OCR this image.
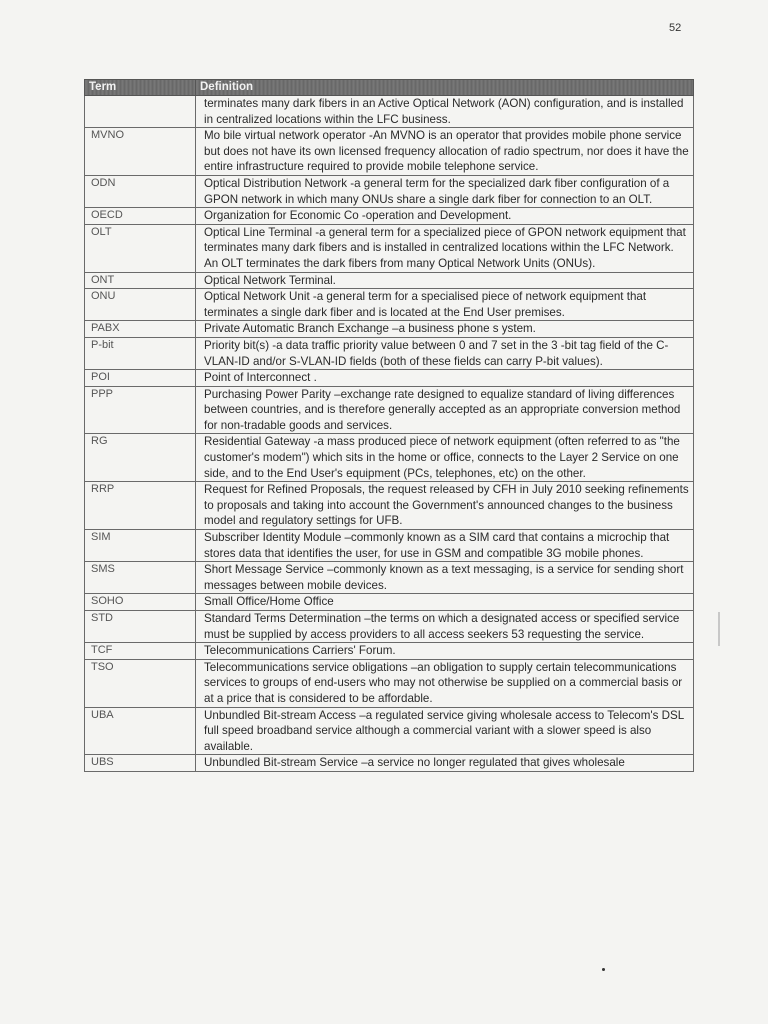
52
Term	Definition
	terminates many dark fibers in an Active Optical Network (AON) configuration, and is installed in centralized locations within the LFC business.
MVNO	Mo bile virtual network operator -An MVNO is an operator that provides mobile phone service but does not have its own licensed frequency allocation of radio spectrum, nor does it have the entire infrastructure required to provide mobile telephone service.
ODN	Optical Distribution Network -a general term for the specialized dark fiber configuration of a GPON network in which many ONUs share a single dark fiber for connection to an OLT.
OECD	Organization for Economic Co -operation and Development.
OLT	Optical Line Terminal -a general term for a specialized piece of GPON network equipment that terminates many dark fibers and is installed in centralized locations within the LFC Network. An OLT terminates the dark fibers from many Optical Network Units (ONUs).
ONT	Optical Network Terminal.
ONU	Optical Network Unit -a general term for a specialised piece of network equipment that terminates a single dark fiber and is located at the End User premises.
PABX	Private Automatic Branch Exchange –a business phone s ystem.
P-bit	Priority bit(s) -a data traffic priority value between 0 and 7 set in the 3 -bit tag field of the C-VLAN-ID and/or S-VLAN-ID fields (both of these fields can carry P-bit values).
POI	Point of Interconnect .
PPP	Purchasing Power Parity –exchange rate designed to equalize standard of living differences between countries, and is therefore generally accepted as an appropriate conversion method for non-tradable goods and services.
RG	Residential Gateway -a mass produced piece of network equipment (often referred to as "the customer's modem") which sits in the home or office, connects to the Layer 2 Service on one side, and to the End User's equipment (PCs, telephones, etc) on the other.
RRP	Request for Refined Proposals, the request released by CFH in July 2010 seeking refinements to proposals and taking into account the Government's announced changes to the business model and regulatory settings for UFB.
SIM	Subscriber Identity Module –commonly known as a SIM card that contains a microchip that stores data that identifies the user, for use in GSM and compatible 3G mobile phones.
SMS	Short Message Service –commonly known as a text messaging, is a service for sending short messages between mobile devices.
SOHO	Small Office/Home Office
STD	Standard Terms Determination –the terms on which a designated access or specified service must be supplied by access providers to all access seekers 53 requesting the service.
TCF	Telecommunications Carriers' Forum.
TSO	Telecommunications service obligations –an obligation to supply certain telecommunications services to groups of end-users who may not otherwise be supplied on a commercial basis or at a price that is considered to be affordable.
UBA	Unbundled Bit-stream Access –a regulated service giving wholesale access to Telecom's DSL full speed broadband service although a commercial variant with a slower speed is also available.
UBS	Unbundled Bit-stream Service –a service no longer regulated that gives wholesale
